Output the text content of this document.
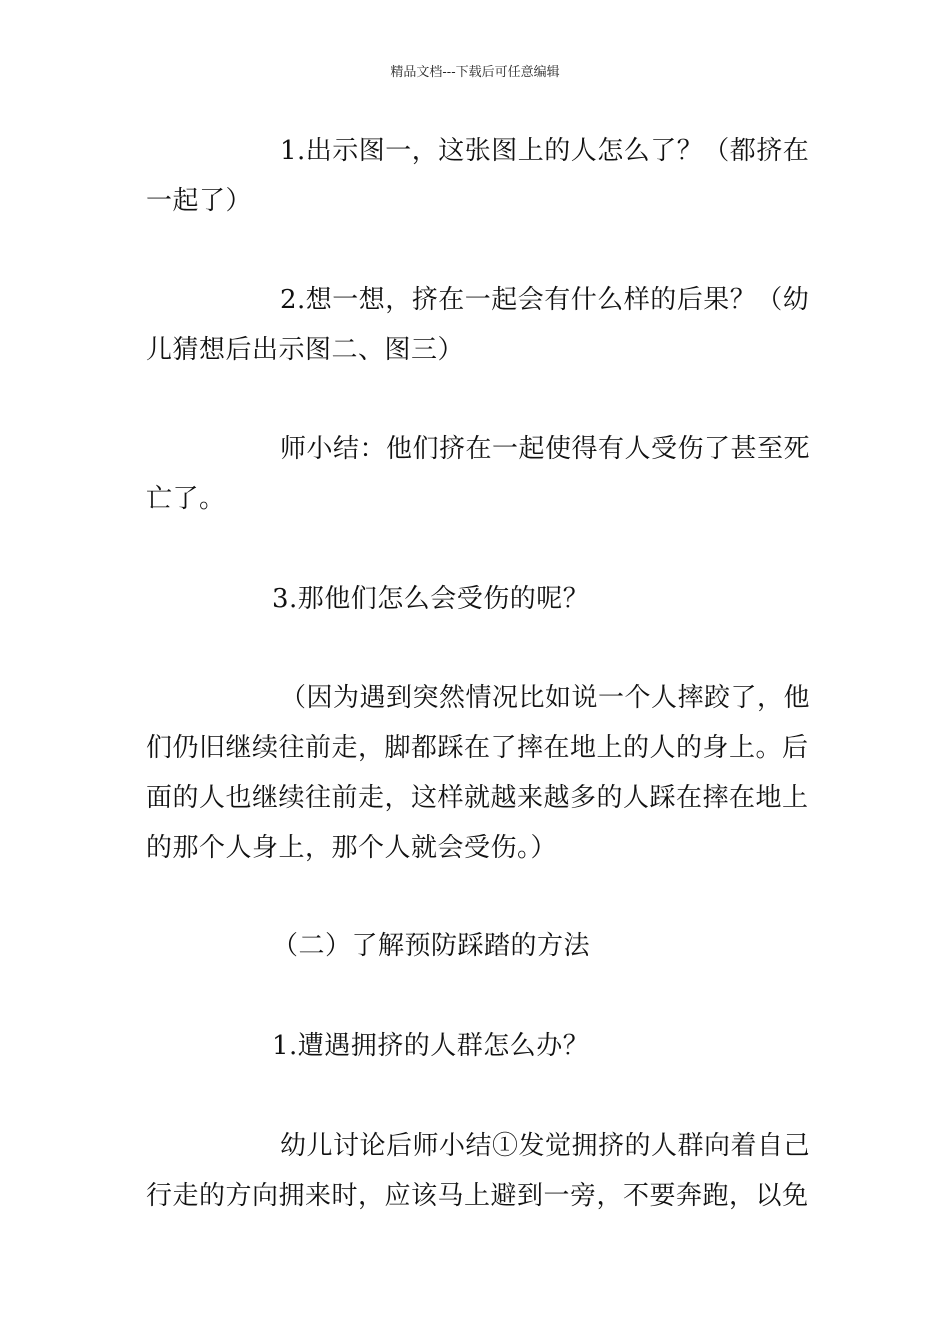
精品文档---下载后可任意编辑
1.出示图一，这张图上的人怎么了？（都挤在
一起了）
2.想一想，挤在一起会有什么样的后果？（幼
儿猜想后出示图二、图三）
师小结：他们挤在一起使得有人受伤了甚至死
亡了。
3.那他们怎么会受伤的呢？
（因为遇到突然情况比如说一个人摔跤了，他
们仍旧继续往前走，脚都踩在了摔在地上的人的身上。后
面的人也继续往前走，这样就越来越多的人踩在摔在地上
的那个人身上，那个人就会受伤。）
（二）了解预防踩踏的方法
1.遭遇拥挤的人群怎么办？
幼儿讨论后师小结①发觉拥挤的人群向着自己
行走的方向拥来时，应该马上避到一旁，不要奔跑，以免
